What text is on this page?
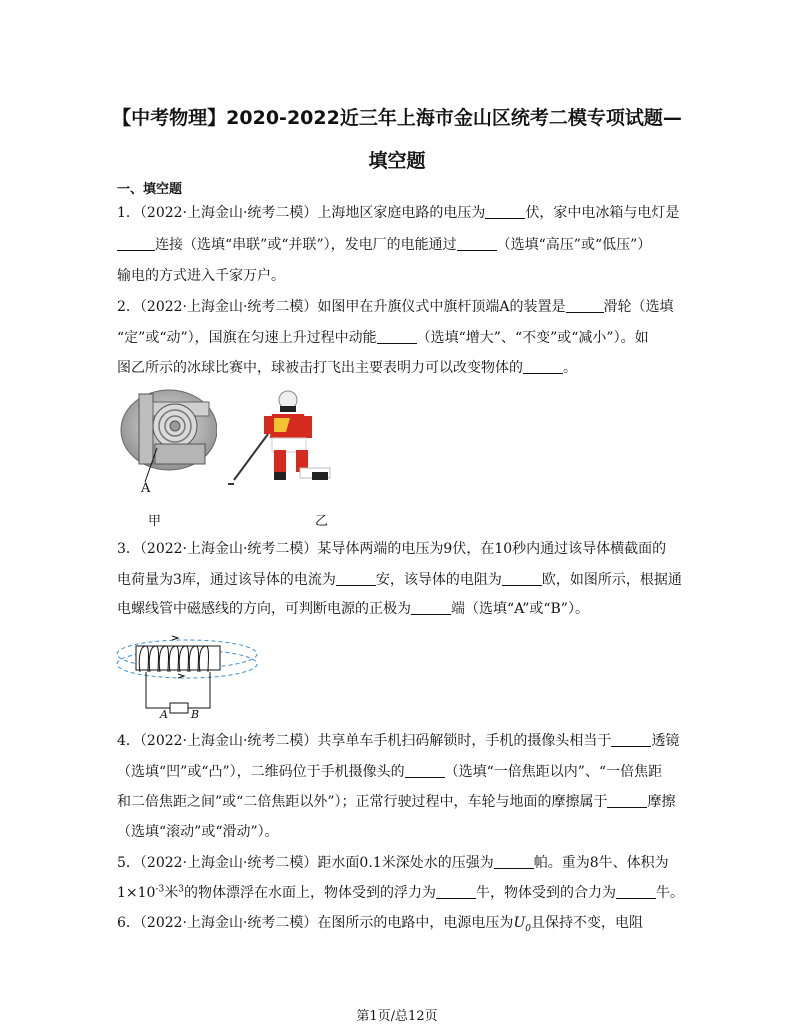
【中考物理】2020-2022近三年上海市金山区统考二模专项试题—
填空题
一、填空题
1．（2022·上海金山·统考二模）上海地区家庭电路的电压为	伏，家中电冰箱与电灯是
连接（选填“串联”或“并联”），发电厂的电能通过	（选填“高压”或“低压”）
输电的方式进入千家万户。
2．（2022·上海金山·统考二模）如图甲在升旗仪式中旗杆顶端A的装置是	滑轮（选填
“定”或“动”），国旗在匀速上升过程中动能	（选填“增大”、“不变”或“减小”）。如
图乙所示的冰球比赛中，球被击打飞出主要表明力可以改变物体的	。
A
甲	乙
3．（2022·上海金山·统考二模）某导体两端的电压为9伏，在10秒内通过该导体横截面的
电荷量为3库，通过该导体的电流为	安，该导体的电阻为	欧，如图所示，根据通
电螺线管中磁感线的方向，可判断电源的正极为	端（选填“A”或“B”）。
A B
4．（2022·上海金山·统考二模）共享单车手机扫码解锁时，手机的摄像头相当于	透镜
（选填“凹”或“凸”），二维码位于手机摄像头的	（选填“一倍焦距以内”、“一倍焦距
和二倍焦距之间”或“二倍焦距以外”）；正常行驶过程中，车轮与地面的摩擦属于	摩擦
（选填“滚动”或“滑动”）。
5．（2022·上海金山·统考二模）距水面0.1米深处水的压强为	帕。重为8牛、体积为
$1\times 10^{-3}$米$^3$的物体漂浮在水面上，物体受到的浮力为	牛，物体受到的合力为	牛。
6．（2022·上海金山·统考二模）在图所示的电路中，电源电压为$U_0$且保持不变，电阻
第1页/总12页
